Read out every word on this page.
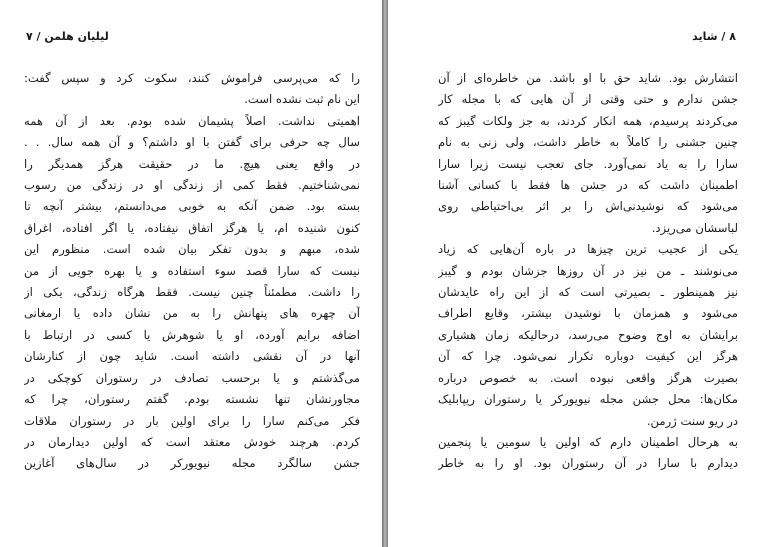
لیلیان هلمن / ۷
را که می‌پرسی فراموش کنند، سکوت کرد و سپس گفت:
این نام ثبت نشده است.
اهمیتی نداشت. اصلاً پشیمان شده بودم. بعد از آن همه
سال چه حرفی برای گفتن با او داشتم؟ و آن همه سال. . .
در واقع یعنی هیچ. ما در حقیقت هرگز همدیگر را
نمی‌شناختیم. فقط کمی از زندگی او در زندگی من رسوب
بسته بود. ضمن آنکه به خوبی می‌دانستم، بیشتر آنچه تا
کنون شنیده ام، یا هرگز اتفاق نیفتاده، یا اگر افتاده، اغراق
شده، مبهم و بدون تفکر بیان شده است. منظورم این
نیست که سارا قصد سوء استفاده و یا بهره جویی از من
را داشت. مطمئناً چنین نیست. فقط هرگاه زندگی، یکی از
آن چهره های پنهانش را به من نشان داده یا ارمغانی
اضافه برایم آورده، او یا شوهرش یا کسی در ارتباط با
آنها در آن نقشی داشته است. شاید چون از کنارشان
می‌گذشتم و یا برحسب تصادف در رستوران کوچکی در
مجاورتشان تنها نشسته بودم. گفتم رستوران، چرا که
فکر می‌کنم سارا را برای اولین بار در رستوران ملاقات
کردم. هرچند خودش معتقد است که اولین دیدارمان در
جشن سالگرد مجله نیویورکر در سال‌های آغازین
۸ / شاید
انتشارش بود. شاید حق با او باشد. من خاطره‌ای از آن
جشن ندارم و حتی وقتی از آن هایی که با مجله کار
می‌کردند پرسیدم، همه انکار کردند، به جز ولکات گیبز که
چنین جشنی را کاملاً به خاطر داشت، ولی زنی به نام
سارا را به یاد نمی‌آورد. جای تعجب نیست زیرا سارا
اطمینان داشت که در جشن ها فقط با کسانی آشنا
می‌شود که نوشیدنی‌اش را بر اثر بی‌احتیاطی روی
لباسشان می‌ریزد.
یکی از عجیب ترین چیزها در باره آن‌هایی که زیاد
می‌نوشند ـ من نیز در آن روزها جزشان بودم و گیبز
نیز همینطور ـ بصیرتی است که از این راه عایدشان
می‌شود و همزمان با نوشیدن بیشتر، وقایع اطراف
برایشان به اوج وضوح می‌رسد، درحالیکه زمان هشیاری
هرگز این کیفیت دوباره تکرار نمی‌شود. چرا که آن
بصیرت هرگز واقعی نبوده است. به خصوص درباره
مکان‌ها: محل جشن مجله نیویورکر یا رستوران ریپابلیک
در ریو سنت ژرمن.
به هرحال اطمینان دارم که اولین یا سومین یا پنجمین
دیدارم با سارا در آن رستوران بود. او را به خاطر
